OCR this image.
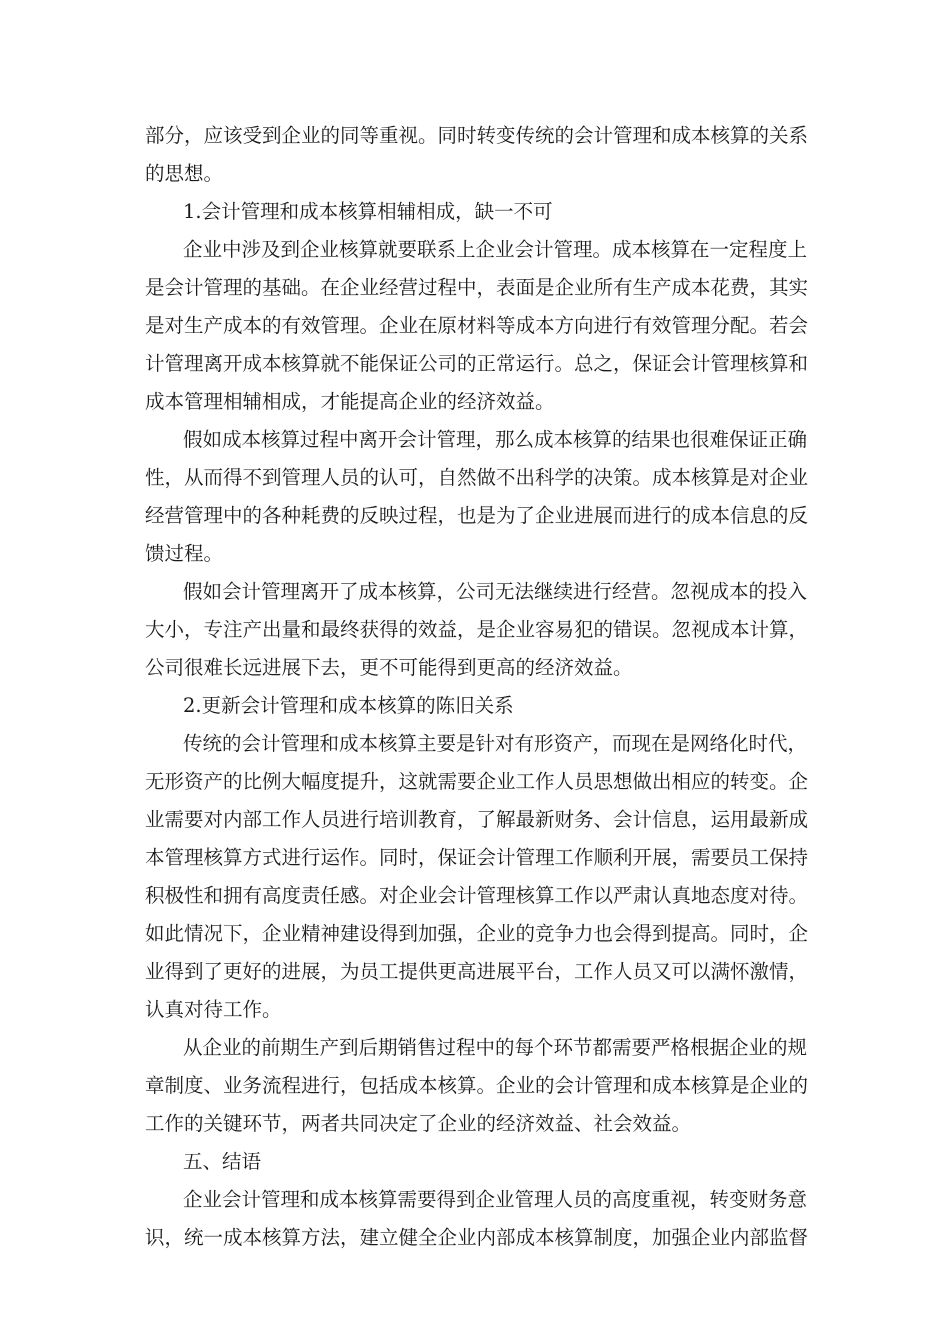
部分，应该受到企业的同等重视。同时转变传统的会计管理和成本核算的关系
的思想。
1.会计管理和成本核算相辅相成，缺一不可
企业中涉及到企业核算就要联系上企业会计管理。成本核算在一定程度上
是会计管理的基础。在企业经营过程中，表面是企业所有生产成本花费，其实
是对生产成本的有效管理。企业在原材料等成本方向进行有效管理分配。若会
计管理离开成本核算就不能保证公司的正常运行。总之，保证会计管理核算和
成本管理相辅相成，才能提高企业的经济效益。
假如成本核算过程中离开会计管理，那么成本核算的结果也很难保证正确
性，从而得不到管理人员的认可，自然做不出科学的决策。成本核算是对企业
经营管理中的各种耗费的反映过程，也是为了企业进展而进行的成本信息的反
馈过程。
假如会计管理离开了成本核算，公司无法继续进行经营。忽视成本的投入
大小，专注产出量和最终获得的效益，是企业容易犯的错误。忽视成本计算，
公司很难长远进展下去，更不可能得到更高的经济效益。
2.更新会计管理和成本核算的陈旧关系
传统的会计管理和成本核算主要是针对有形资产，而现在是网络化时代，
无形资产的比例大幅度提升，这就需要企业工作人员思想做出相应的转变。企
业需要对内部工作人员进行培训教育，了解最新财务、会计信息，运用最新成
本管理核算方式进行运作。同时，保证会计管理工作顺利开展，需要员工保持
积极性和拥有高度责任感。对企业会计管理核算工作以严肃认真地态度对待。
如此情况下，企业精神建设得到加强，企业的竞争力也会得到提高。同时，企
业得到了更好的进展，为员工提供更高进展平台，工作人员又可以满怀激情，
认真对待工作。
从企业的前期生产到后期销售过程中的每个环节都需要严格根据企业的规
章制度、业务流程进行，包括成本核算。企业的会计管理和成本核算是企业的
工作的关键环节，两者共同决定了企业的经济效益、社会效益。
五、结语
企业会计管理和成本核算需要得到企业管理人员的高度重视，转变财务意
识，统一成本核算方法，建立健全企业内部成本核算制度，加强企业内部监督
